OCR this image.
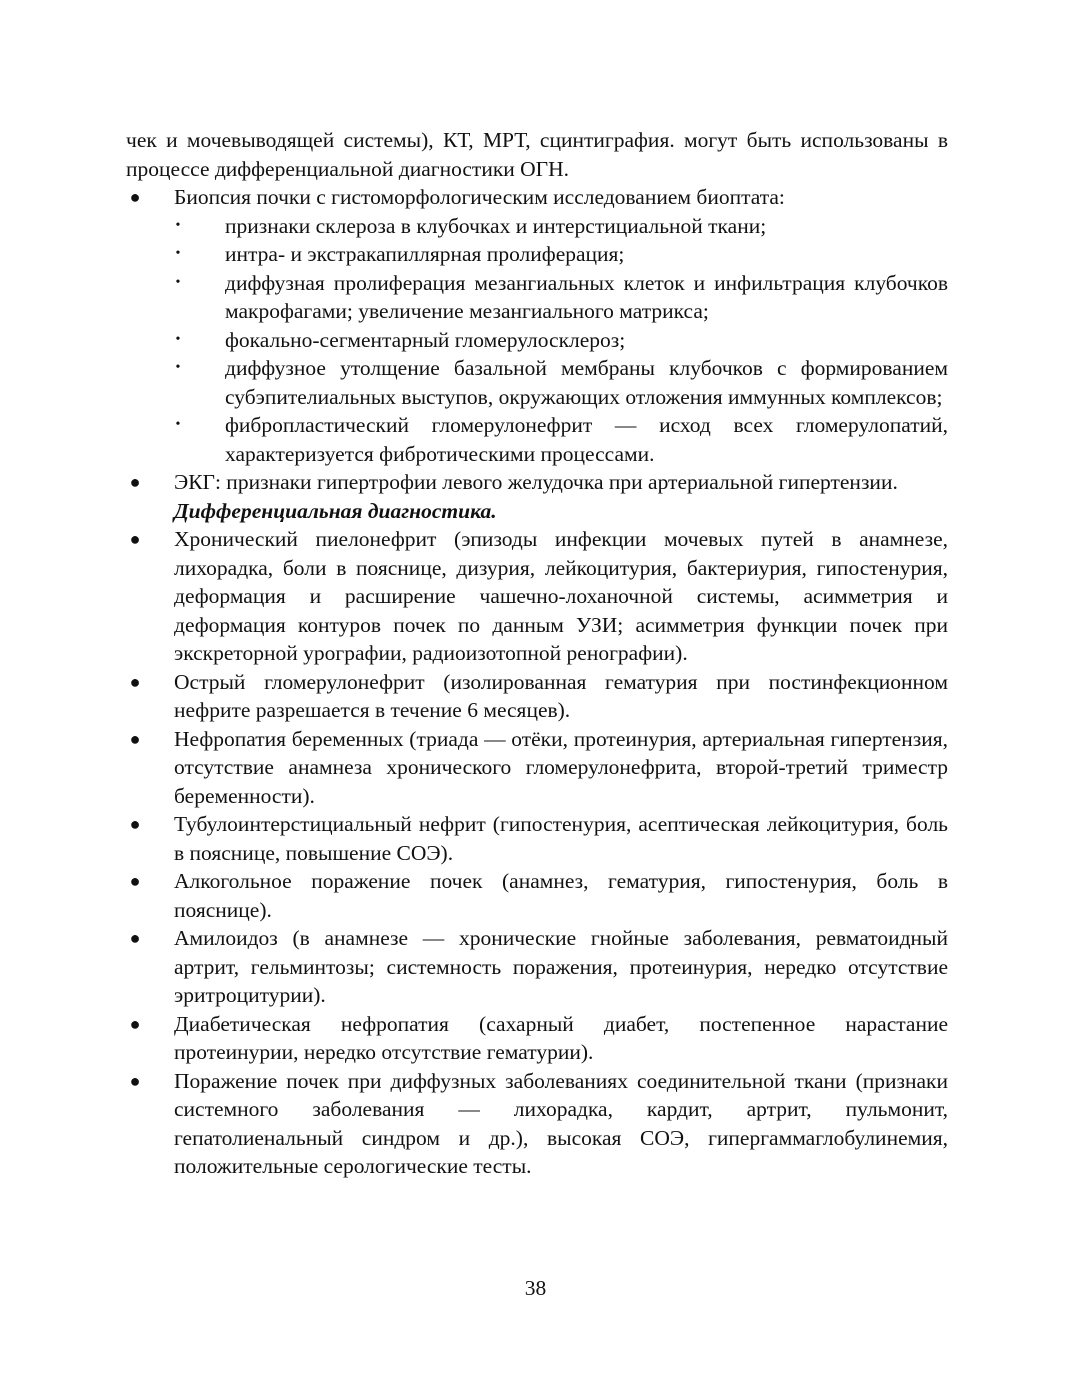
чек и мочевыводящей системы), КТ, МРТ, сцинтиграфия. могут быть использованы в процессе дифференциальной диагностики ОГН.

● Биопсия почки с гистоморфологическим исследованием биоптата:

• признаки склероза в клубочках и интерстициальной ткани;

• интра- и экстракапиллярная пролиферация;

• диффузная пролиферация мезангиальных клеток и инфильтрация клубочков макрофагами; увеличение мезангиального матрикса;

• фокально-сегментарный гломерулосклероз;

• диффузное утолщение базальной мембраны клубочков с формированием субэпителиальных выступов, окружающих отложения иммунных комплексов;

• фибропластический гломерулонефрит — исход всех гломерулопатий, характеризуется фибротическими процессами.

● ЭКГ: признаки гипертрофии левого желудочка при артериальной гипертензии.

Дифференциальная диагностика.

● Хронический пиелонефрит (эпизоды инфекции мочевых путей в анамнезе, лихорадка, боли в пояснице, дизурия, лейкоцитурия, бактериурия, гипостенурия, деформация и расширение чашечно-лоханочной системы, асимметрия и деформация контуров почек по данным УЗИ; асимметрия функции почек при экскреторной урографии, радиоизотопной ренографии).

● Острый гломерулонефрит (изолированная гематурия при постинфекционном нефрите разрешается в течение 6 месяцев).

● Нефропатия беременных (триада — отёки, протеинурия, артериальная гипертензия, отсутствие анамнеза хронического гломерулонефрита, второй-третий триместр беременности).

● Тубулоинтерстициальный нефрит (гипостенурия, асептическая лейкоцитурия, боль в пояснице, повышение СОЭ).

● Алкогольное поражение почек (анамнез, гематурия, гипостенурия, боль в пояснице).

● Амилоидоз (в анамнезе — хронические гнойные заболевания, ревматоидный артрит, гельминтозы; системность поражения, протеинурия, нередко отсутствие эритроцитурии).

● Диабетическая нефропатия (сахарный диабет, постепенное нарастание протеинурии, нередко отсутствие гематурии).

● Поражение почек при диффузных заболеваниях соединительной ткани (признаки системного заболевания — лихорадка, кардит, артрит, пульмонит, гепатолиенальный синдром и др.), высокая СОЭ, гипергаммаглобулинемия, положительные серологические тесты.

38
